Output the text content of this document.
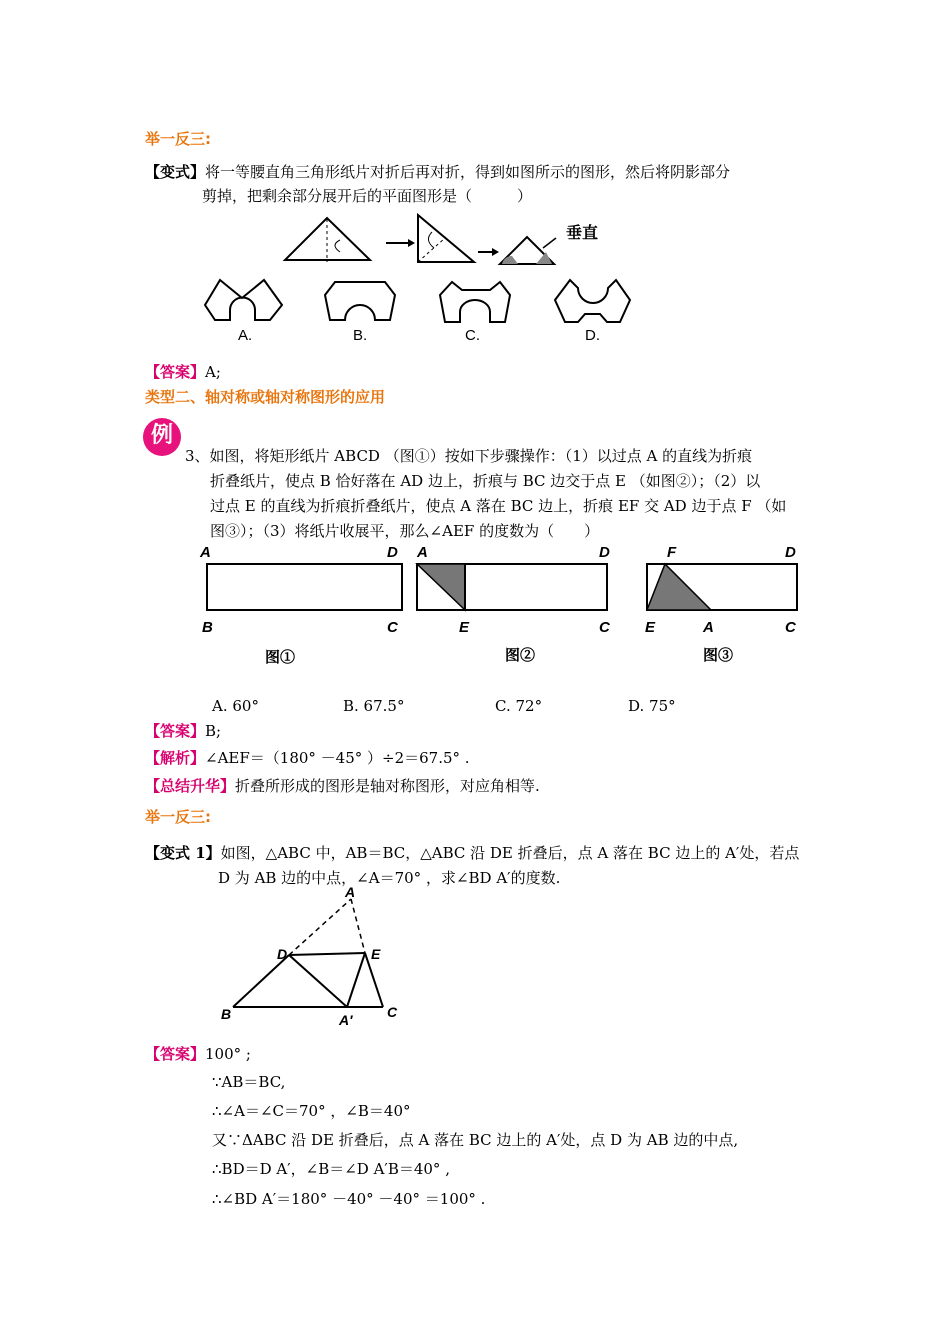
举一反三:
【变式】将一等腰直角三角形纸片对折后再对折，得到如图所示的图形，然后将阴影部分
剪掉，把剩余部分展开后的平面图形是（　　　）
垂直
A.	B.	C.	D.
【答案】A;
类型二、轴对称或轴对称图形的应用
例
3、如图，将矩形纸片 ABCD （图①）按如下步骤操作：（1）以过点 A 的直线为折痕
折叠纸片，使点 B 恰好落在 AD 边上，折痕与 BC 边交于点 E （如图②）；（2）以
过点 E 的直线为折痕折叠纸片，使点 A 落在 BC 边上，折痕 EF 交 AD 边于点 F （如
图③）；（3）将纸片收展平，那么∠AEF 的度数为（　　）
A	D
B	C
A	D
E	C
F	D
E	A	C
图①	图②	图③
A. 60°	B. 67.5°	C. 72°	D. 75°
【答案】B;
【解析】∠AEF＝（180° －45° ）÷2＝67.5° .
【总结升华】折叠所形成的图形是轴对称图形，对应角相等.
举一反三:
【变式 1】如图，△ABC 中，AB＝BC，△ABC 沿 DE 折叠后，点 A 落在 BC 边上的 A′处，若点
D 为 AB 边的中点，∠A＝70° ，求∠BD A′的度数.
A
D	E
B	A′ C
【答案】100° ;
∵AB＝BC,
∴∠A＝∠C＝70° ，∠B＝40°
又∵ΔABC 沿 DE 折叠后，点 A 落在 BC 边上的 A′处，点 D 为 AB 边的中点,
∴BD＝D A′，∠B＝∠D A′B＝40° ,
∴∠BD A′＝180° －40° －40° ＝100° .
